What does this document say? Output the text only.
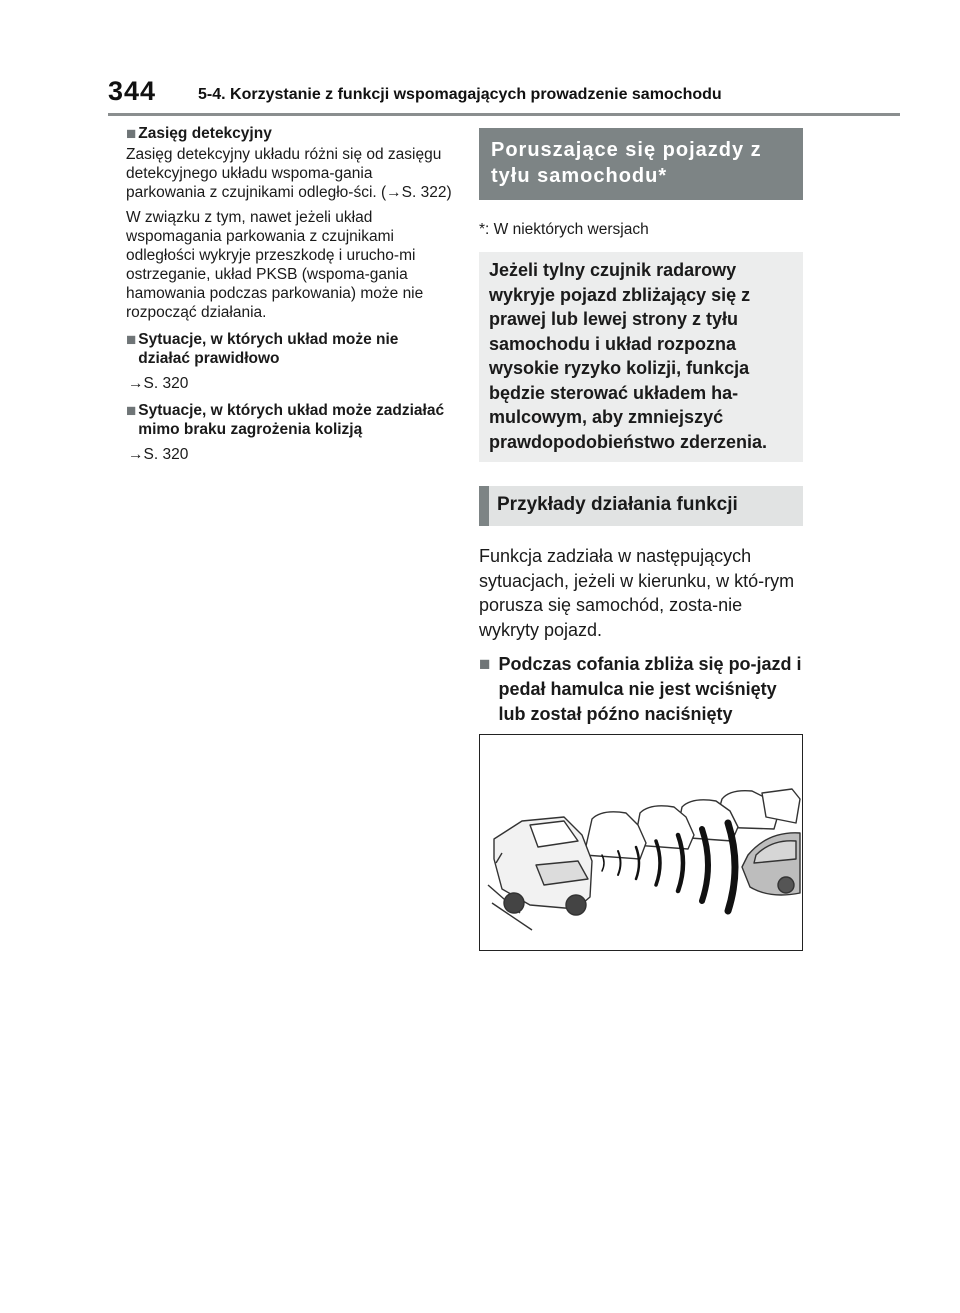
344	5-4. Korzystanie z funkcji wspomagających prowadzenie samochodu
■ Zasięg detekcyjny

Zasięg detekcyjny układu różni się od zasięgu detekcyjnego układu wspoma-gania parkowania z czujnikami odległo-ści. (→S. 322)

W związku z tym, nawet jeżeli układ wspomagania parkowania z czujnikami odległości wykryje przeszkodę i urucho-mi ostrzeganie, układ PKSB (wspoma-gania hamowania podczas parkowania) może nie rozpocząć działania.

■ Sytuacje, w których układ może nie działać prawidłowo
→S. 320
■ Sytuacje, w których układ może zadziałać mimo braku zagrożenia kolizją
→S. 320
Poruszające się pojazdy z tyłu samochodu*
*: W niektórych wersjach
Jeżeli tylny czujnik radarowy wykryje pojazd zbliżający się z prawej lub lewej strony z tyłu samochodu i układ rozpozna wysokie ryzyko kolizji, funkcja będzie sterować układem ha-mulcowym, aby zmniejszyć prawdopodobieństwo zderzenia.
Przykłady działania funkcji
Funkcja zadziała w następujących sytuacjach, jeżeli w kierunku, w któ-rym porusza się samochód, zosta-nie wykryty pojazd.
■ Podczas cofania zbliża się po-jazd i pedał hamulca nie jest wciśnięty lub został późno naciśnięty
